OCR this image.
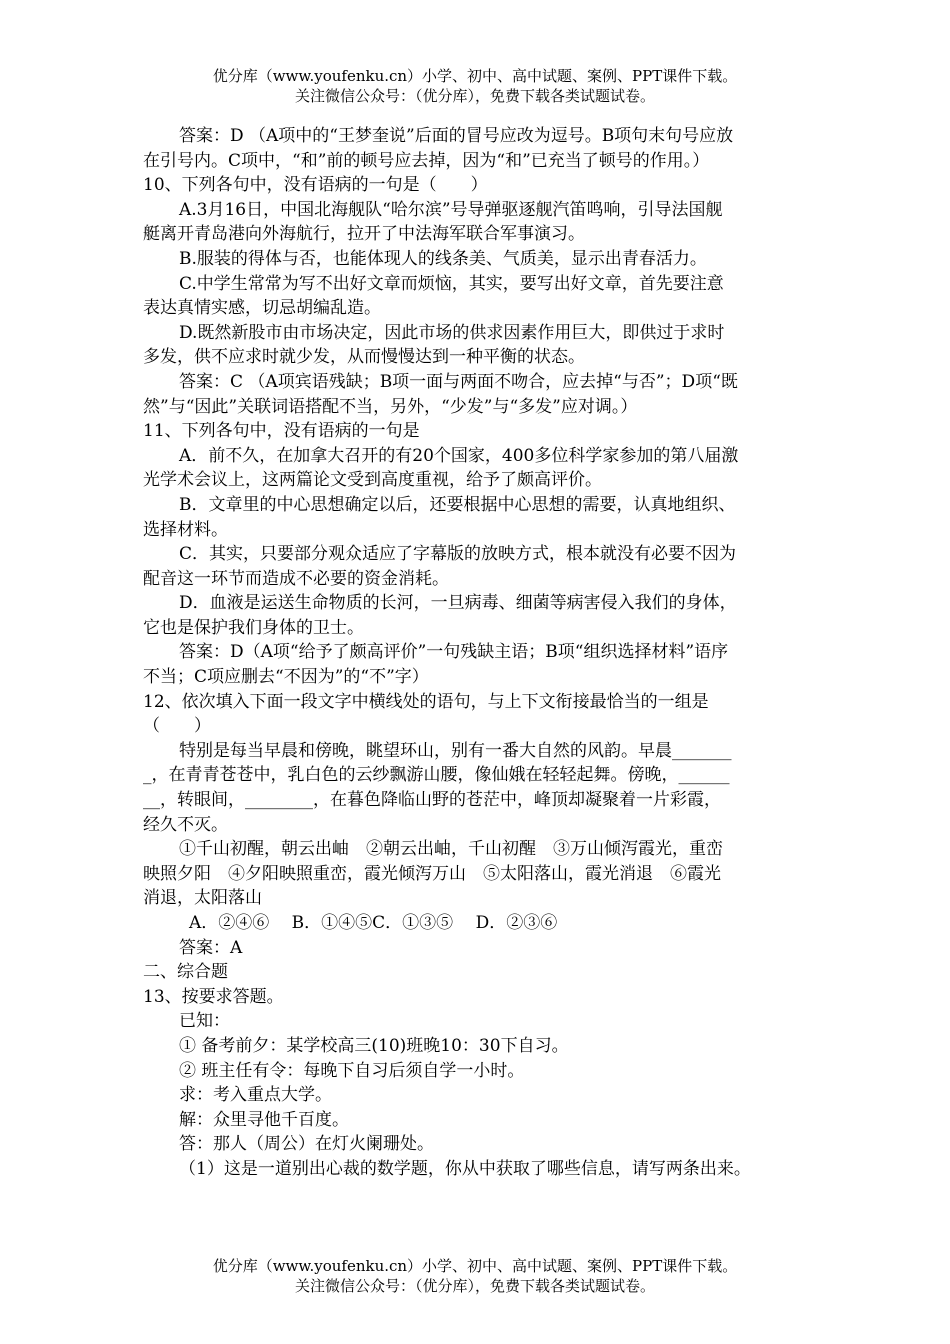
优分库（www.youfenku.cn）小学、初中、高中试题、案例、PPT课件下载。
关注微信公众号：（优分库），免费下载各类试题试卷。
答案：D （A项中的“王梦奎说”后面的冒号应改为逗号。B项句末句号应放
在引号内。C项中，“和”前的顿号应去掉，因为“和”已充当了顿号的作用。）
10、下列各句中，没有语病的一句是（　　）
A.3月16日，中国北海舰队“哈尔滨”号导弹驱逐舰汽笛鸣响，引导法国舰
艇离开青岛港向外海航行，拉开了中法海军联合军事演习。
B.服装的得体与否，也能体现人的线条美、气质美，显示出青春活力。
C.中学生常常为写不出好文章而烦恼，其实，要写出好文章，首先要注意
表达真情实感，切忌胡编乱造。
D.既然新股市由市场决定，因此市场的供求因素作用巨大，即供过于求时
多发，供不应求时就少发，从而慢慢达到一种平衡的状态。
答案：C （A项宾语残缺；B项一面与两面不吻合，应去掉“与否”；D项“既
然”与“因此”关联词语搭配不当，另外，“少发”与“多发”应对调。）
11、下列各句中，没有语病的一句是
A．前不久，在加拿大召开的有20个国家，400多位科学家参加的第八届激
光学术会议上，这两篇论文受到高度重视，给予了颇高评价。
B．文章里的中心思想确定以后，还要根据中心思想的需要，认真地组织、
选择材料。
C．其实，只要部分观众适应了字幕版的放映方式，根本就没有必要不因为
配音这一环节而造成不必要的资金消耗。
D．血液是运送生命物质的长河，一旦病毒、细菌等病害侵入我们的身体，
它也是保护我们身体的卫士。
答案：D（A项“给予了颇高评价”一句残缺主语；B项“组织选择材料”语序
不当；C项应删去“不因为”的“不”字）
12、依次填入下面一段文字中横线处的语句，与上下文衔接最恰当的一组是
（　　）
特别是每当早晨和傍晚，眺望环山，别有一番大自然的风韵。早晨_______
_，在青青苍苍中，乳白色的云纱飘游山腰，像仙娥在轻轻起舞。傍晚，______
__，转眼间，________，在暮色降临山野的苍茫中，峰顶却凝聚着一片彩霞，
经久不灭。
①千山初醒，朝云出岫　②朝云出岫，千山初醒　③万山倾泻霞光，重峦
映照夕阳　④夕阳映照重峦，霞光倾泻万山　⑤太阳落山，霞光消退　⑥霞光
消退，太阳落山
A．②④⑥　 B．①④⑤C．①③⑤　 D．②③⑥
答案：A
二、综合题
13、按要求答题。
已知：
① 备考前夕：某学校高三(10)班晚10：30下自习。
② 班主任有令：每晚下自习后须自学一小时。
求：考入重点大学。
解：众里寻他千百度。
答：那人（周公）在灯火阑珊处。
（1）这是一道别出心裁的数学题，你从中获取了哪些信息，请写两条出来。
优分库（www.youfenku.cn）小学、初中、高中试题、案例、PPT课件下载。
关注微信公众号：（优分库），免费下载各类试题试卷。
